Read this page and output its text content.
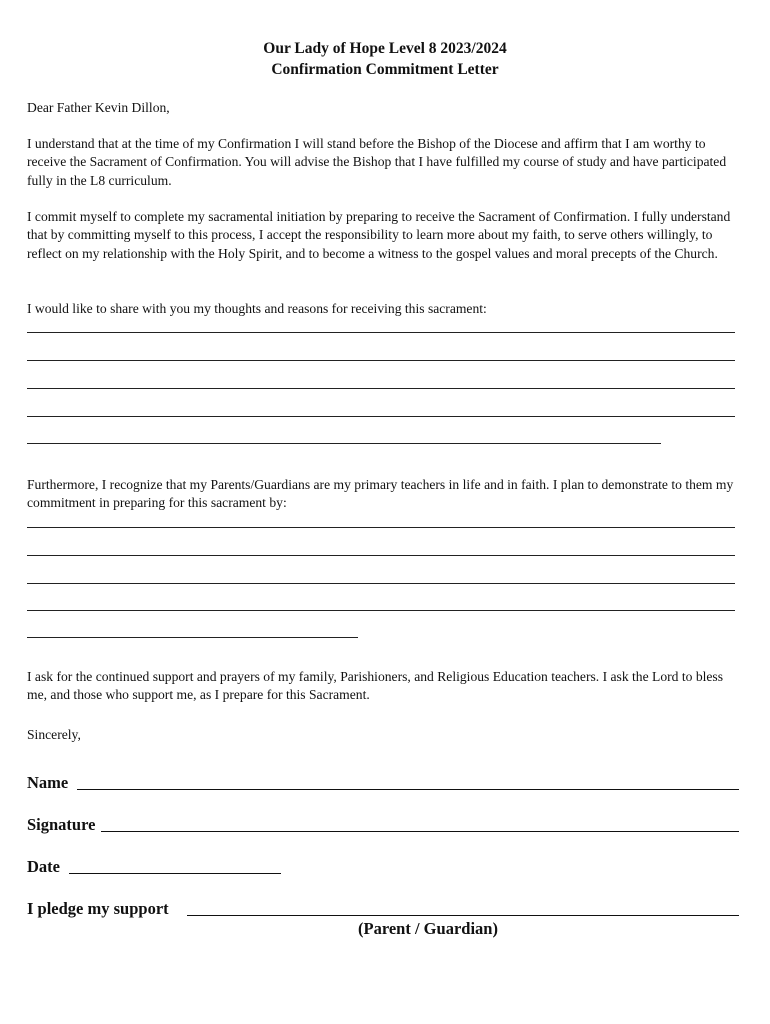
Our Lady of Hope Level 8 2023/2024
Confirmation Commitment Letter

Dear Father Kevin Dillon,

I understand that at the time of my Confirmation I will stand before the Bishop of the Diocese and affirm that I am worthy to receive the Sacrament of Confirmation. You will advise the Bishop that I have fulfilled my course of study and have participated fully in the L8 curriculum.

I commit myself to complete my sacramental initiation by preparing to receive the Sacrament of Confirmation. I fully understand that by committing myself to this process, I accept the responsibility to learn more about my faith, to serve others willingly, to reflect on my relationship with the Holy Spirit, and to become a witness to the gospel values and moral precepts of the Church.

I would like to share with you my thoughts and reasons for receiving this sacrament:

Furthermore, I recognize that my Parents/Guardians are my primary teachers in life and in faith. I plan to demonstrate to them my commitment in preparing for this sacrament by:

I ask for the continued support and prayers of my family, Parishioners, and Religious Education teachers. I ask the Lord to bless me, and those who support me, as I prepare for this Sacrament.

Sincerely,

Name
Signature
Date
I pledge my support
(Parent / Guardian)
